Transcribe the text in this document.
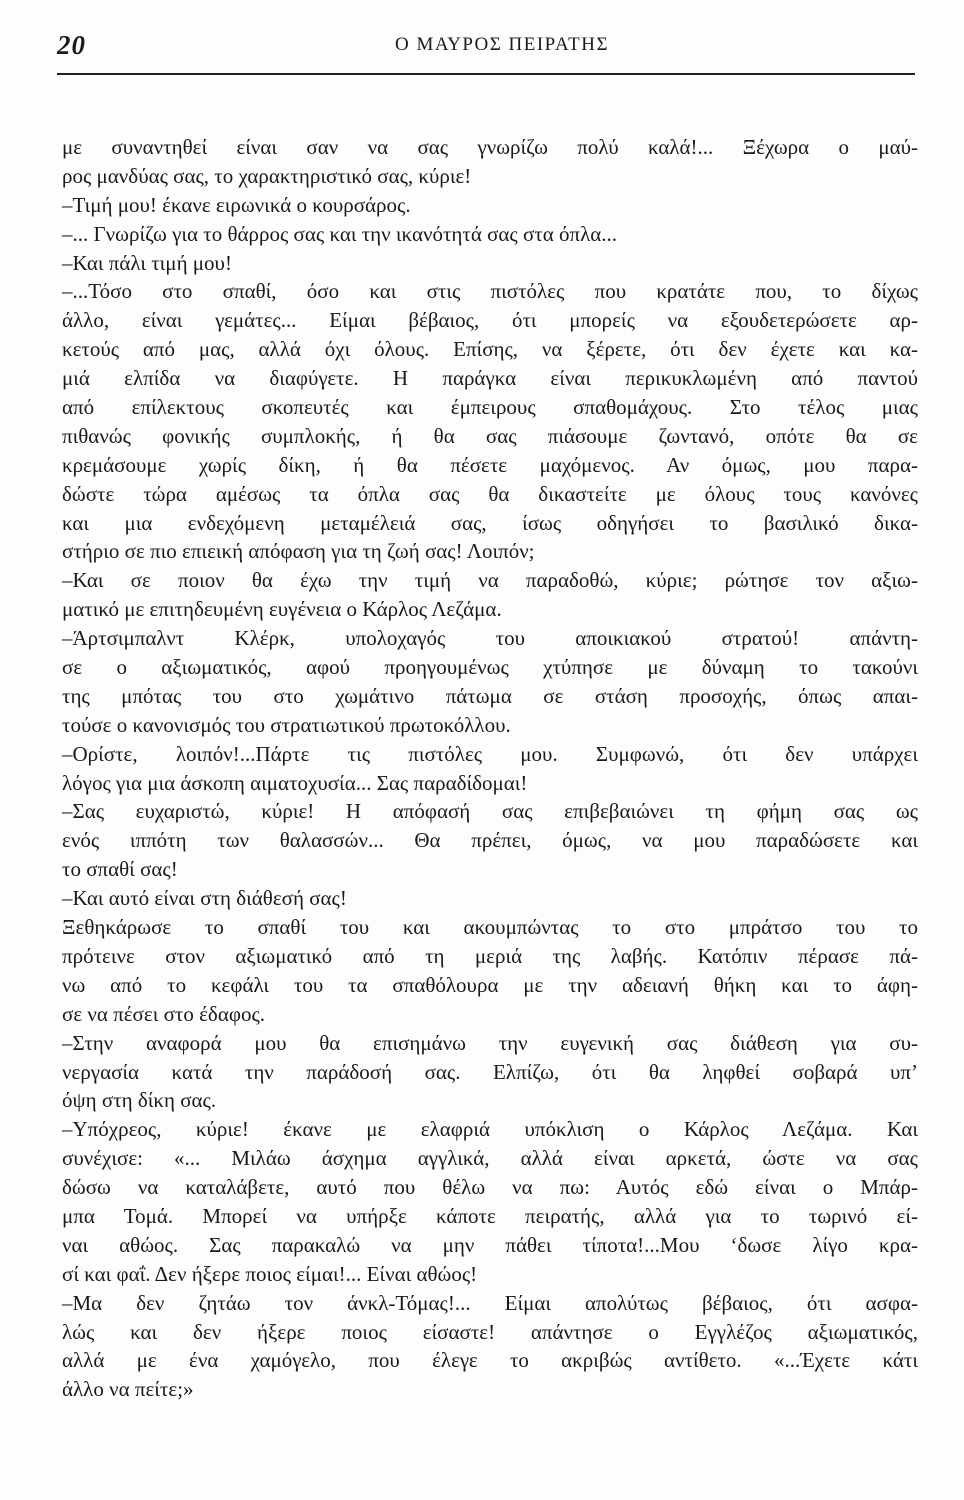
20	Ο ΜΑΥΡΟΣ ΠΕΙΡΑΤΗΣ
με συναντηθεί είναι σαν να σας γνωρίζω πολύ καλά!... Ξέχωρα ο μαύ-
ρος μανδύας σας, το χαρακτηριστικό σας, κύριε!
–Τιμή μου! έκανε ειρωνικά ο κουρσάρος.
–... Γνωρίζω για το θάρρος σας και την ικανότητά σας στα όπλα...
–Και πάλι τιμή μου!
–...Τόσο στο σπαθί, όσο και στις πιστόλες που κρατάτε που, το δίχως
άλλο, είναι γεμάτες... Είμαι βέβαιος, ότι μπορείς να εξουδετερώσετε αρ-
κετούς από μας, αλλά όχι όλους. Επίσης, να ξέρετε, ότι δεν έχετε και κα-
μιά ελπίδα να διαφύγετε. Η παράγκα είναι περικυκλωμένη από παντού
από επίλεκτους σκοπευτές και έμπειρους σπαθομάχους. Στο τέλος μιας
πιθανώς φονικής συμπλοκής, ή θα σας πιάσουμε ζωντανό, οπότε θα σε
κρεμάσουμε χωρίς δίκη, ή θα πέσετε μαχόμενος. Αν όμως, μου παρα-
δώστε τώρα αμέσως τα όπλα σας θα δικαστείτε με όλους τους κανόνες
και μια ενδεχόμενη μεταμέλειά σας, ίσως οδηγήσει το βασιλικό δικα-
στήριο σε πιο επιεική απόφαση για τη ζωή σας! Λοιπόν;
–Και σε ποιον θα έχω την τιμή να παραδοθώ, κύριε; ρώτησε τον αξιω-
ματικό με επιτηδευμένη ευγένεια ο Κάρλος Λεζάμα.
–Άρτσιμπαλντ Κλέρκ, υπολοχαγός του αποικιακού στρατού! απάντη-
σε ο αξιωματικός, αφού προηγουμένως χτύπησε με δύναμη το τακούνι
της μπότας του στο χωμάτινο πάτωμα σε στάση προσοχής, όπως απαι-
τούσε ο κανονισμός του στρατιωτικού πρωτοκόλλου.
–Ορίστε, λοιπόν!...Πάρτε τις πιστόλες μου. Συμφωνώ, ότι δεν υπάρχει
λόγος για μια άσκοπη αιματοχυσία... Σας παραδίδομαι!
–Σας ευχαριστώ, κύριε! Η απόφασή σας επιβεβαιώνει τη φήμη σας ως
ενός ιππότη των θαλασσών... Θα πρέπει, όμως, να μου παραδώσετε και
το σπαθί σας!
–Και αυτό είναι στη διάθεσή σας!
Ξεθηκάρωσε το σπαθί του και ακουμπώντας το στο μπράτσο του το
πρότεινε στον αξιωματικό από τη μεριά της λαβής. Κατόπιν πέρασε πά-
νω από το κεφάλι του τα σπαθόλουρα με την αδειανή θήκη και το άφη-
σε να πέσει στο έδαφος.
–Στην αναφορά μου θα επισημάνω την ευγενική σας διάθεση για συ-
νεργασία κατά την παράδοσή σας. Ελπίζω, ότι θα ληφθεί σοβαρά υπ’
όψη στη δίκη σας.
–Υπόχρεος, κύριε! έκανε με ελαφριά υπόκλιση ο Κάρλος Λεζάμα. Και
συνέχισε: «... Μιλάω άσχημα αγγλικά, αλλά είναι αρκετά, ώστε να σας
δώσω να καταλάβετε, αυτό που θέλω να πω: Αυτός εδώ είναι ο Μπάρ-
μπα Τομά. Μπορεί να υπήρξε κάποτε πειρατής, αλλά για το τωρινό εί-
ναι αθώος. Σας παρακαλώ να μην πάθει τίποτα!...Μου ‘δωσε λίγο κρα-
σί και φαΐ. Δεν ήξερε ποιος είμαι!... Είναι αθώος!
–Μα δεν ζητάω τον άνκλ-Τόμας!... Είμαι απολύτως βέβαιος, ότι ασφα-
λώς και δεν ήξερε ποιος είσαστε! απάντησε ο Εγγλέζος αξιωματικός,
αλλά με ένα χαμόγελο, που έλεγε το ακριβώς αντίθετο. «...Έχετε κάτι
άλλο να πείτε;»
